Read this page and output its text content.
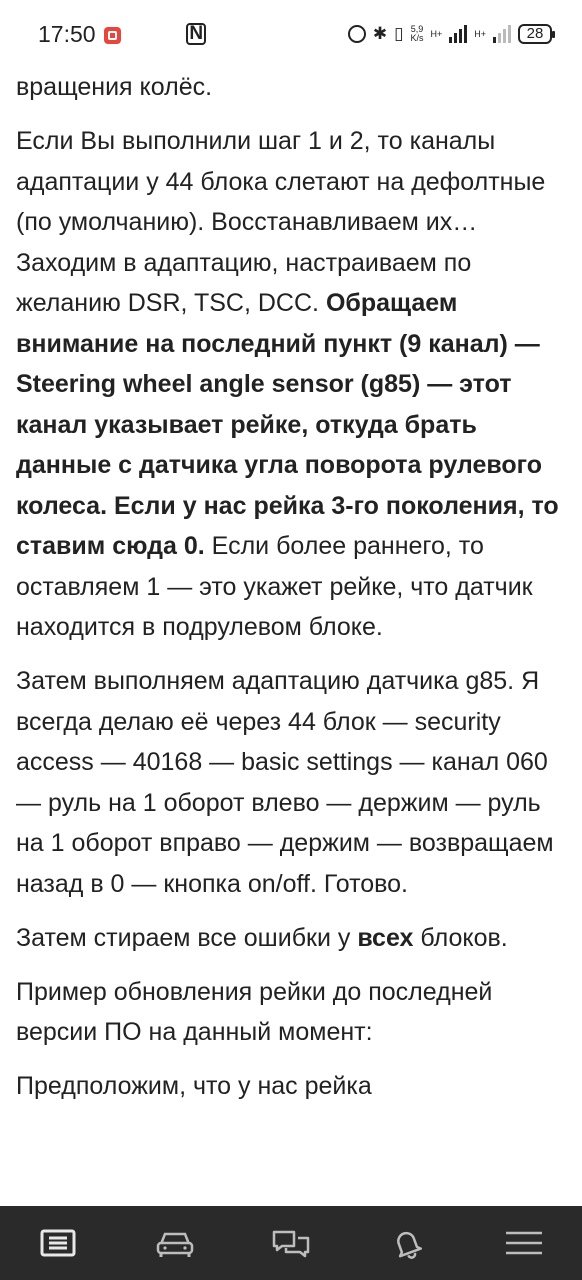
17:50	N	✱ ▯ 5,9
K/s H+	H+	28

вращения колёс.

Если Вы выполнили шаг 1 и 2, то каналы адаптации у 44 блока слетают на дефолтные (по умолчанию). Восстанавливаем их… Заходим в адаптацию, настраиваем по желанию DSR, TSC, DCC. Обращаем внимание на последний пункт (9 канал) — Steering wheel angle sensor (g85) — этот канал указывает рейке, откуда брать данные с датчика угла поворота рулевого колеса. Если у нас рейка 3-го поколения, то ставим сюда 0. Если более раннего, то оставляем 1 — это укажет рейке, что датчик находится в подрулевом блоке.

Затем выполняем адаптацию датчика g85. Я всегда делаю её через 44 блок — security access — 40168 — basic settings — канал 060 — руль на 1 оборот влево — держим — руль на 1 оборот вправо — держим — возвращаем назад в 0 — кнопка on/off. Готово.

Затем стираем все ошибки у всех блоков.

Пример обновления рейки до последней версии ПО на данный момент:

Предположим, что у нас рейка
